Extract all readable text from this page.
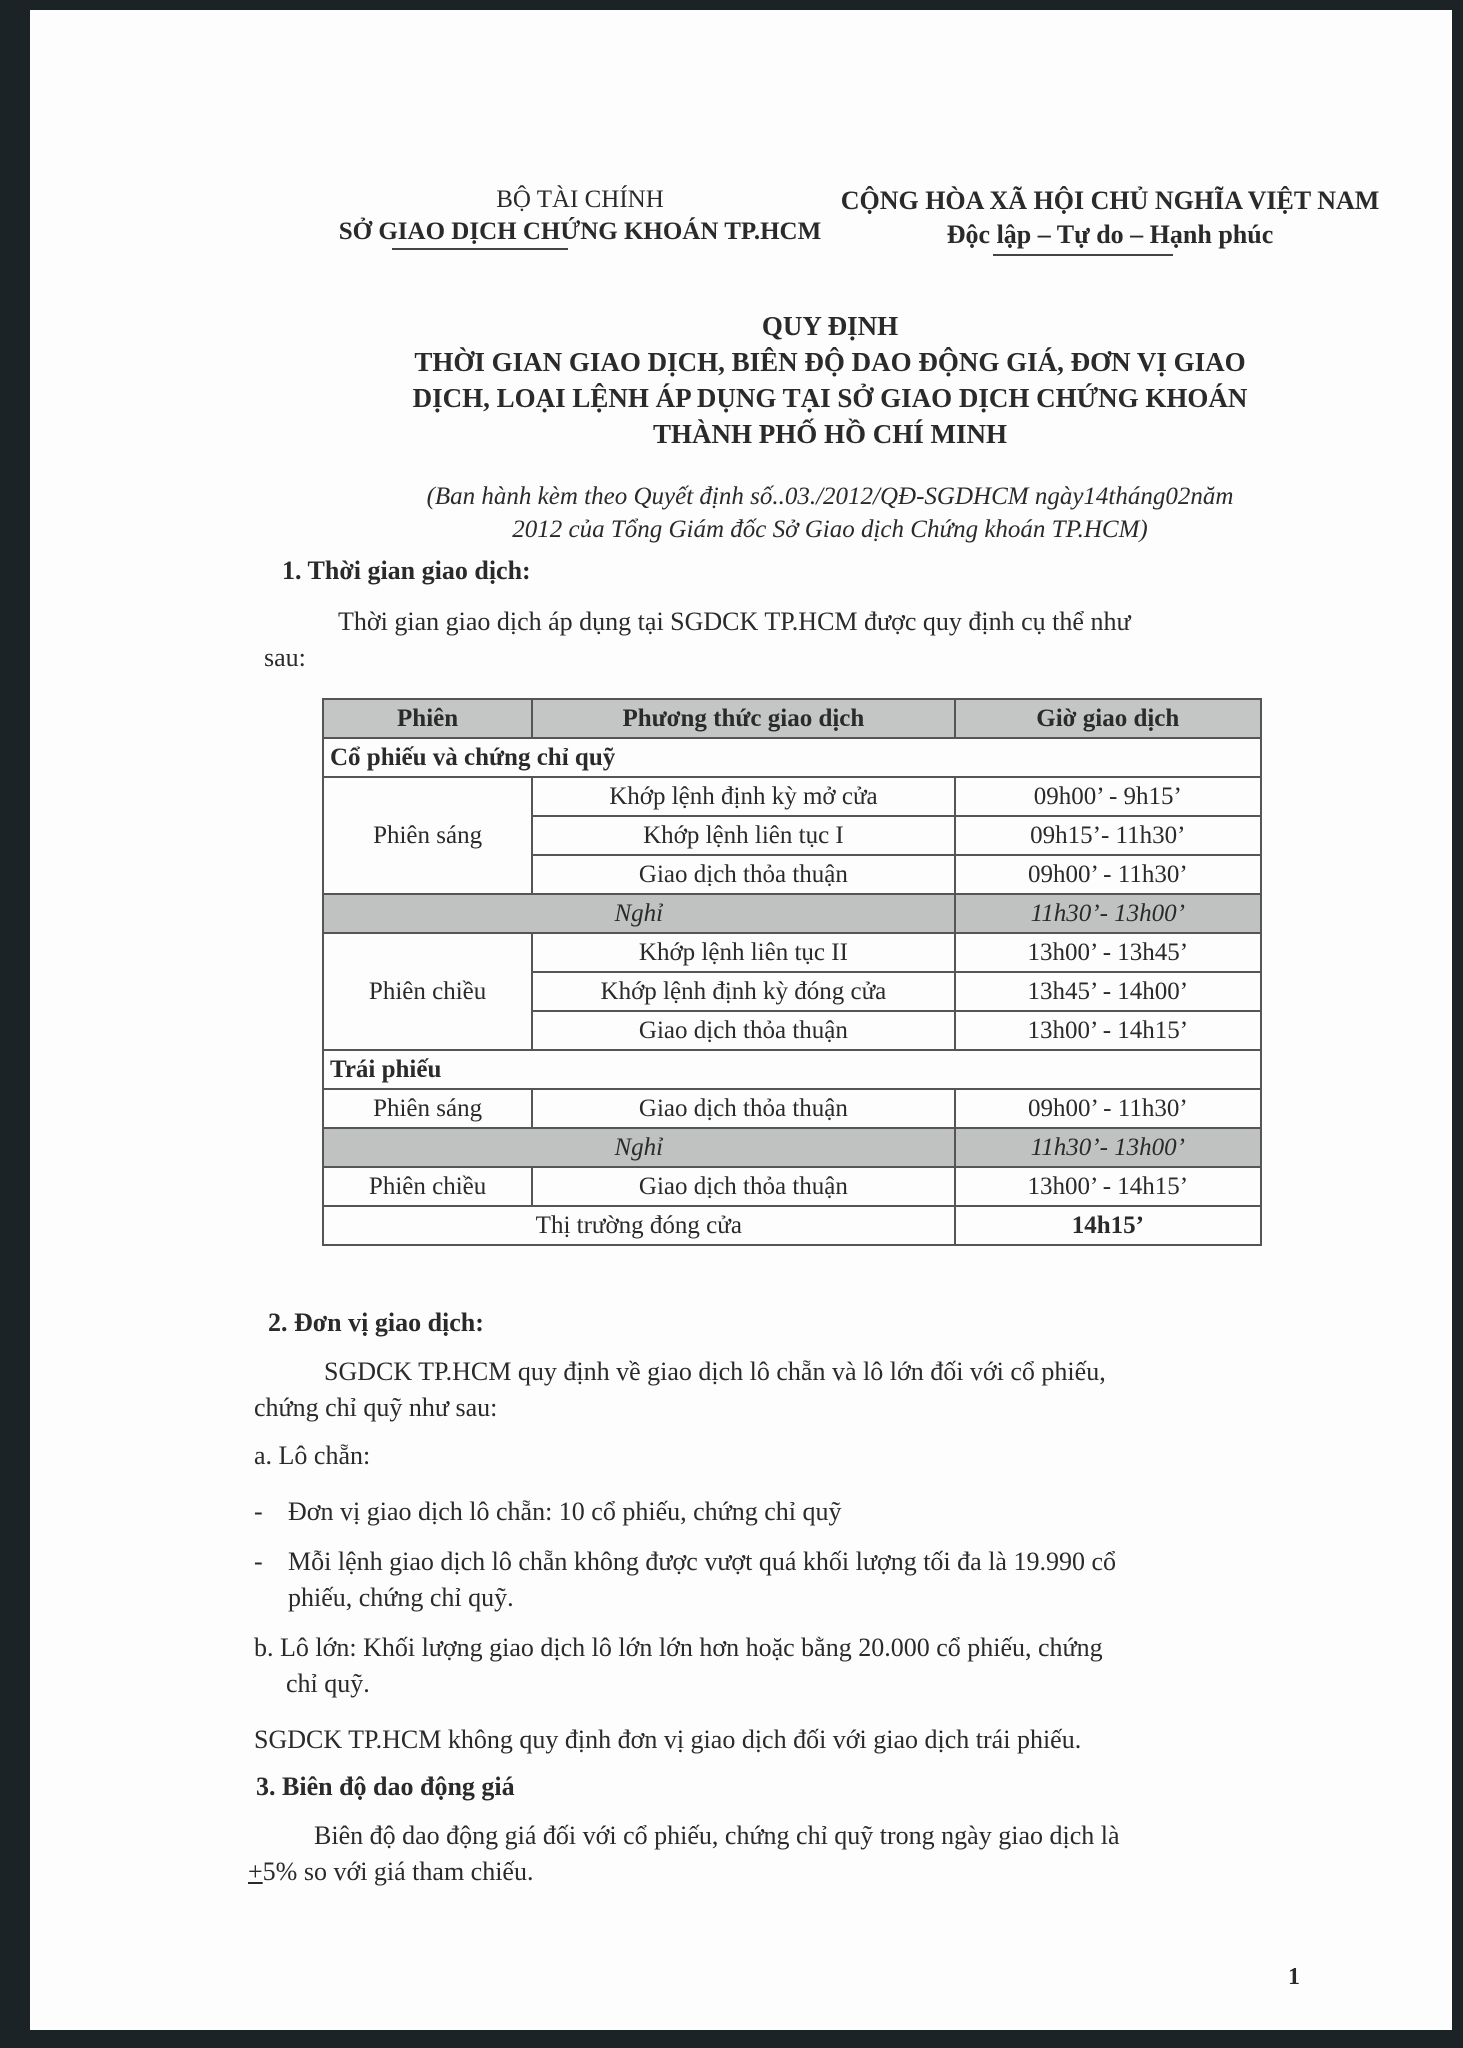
BỘ TÀI CHÍNH
SỞ GIAO DỊCH CHỨNG KHOÁN TP.HCM
CỘNG HÒA XÃ HỘI CHỦ NGHĨA VIỆT NAM
Độc lập – Tự do – Hạnh phúc
QUY ĐỊNH
THỜI GIAN GIAO DỊCH, BIÊN ĐỘ DAO ĐỘNG GIÁ, ĐƠN VỊ GIAO
DỊCH, LOẠI LỆNH ÁP DỤNG TẠI SỞ GIAO DỊCH CHỨNG KHOÁN
THÀNH PHỐ HỒ CHÍ MINH
(Ban hành kèm theo Quyết định số..03./2012/QĐ-SGDHCM ngày14tháng02năm
2012 của Tổng Giám đốc Sở Giao dịch Chứng khoán TP.HCM)
1. Thời gian giao dịch:
Thời gian giao dịch áp dụng tại SGDCK TP.HCM được quy định cụ thể như
sau:
Phiên	Phương thức giao dịch	Giờ giao dịch
Cổ phiếu và chứng chỉ quỹ		
Phiên sáng	Khớp lệnh định kỳ mở cửa	09h00’ - 9h15’
	Khớp lệnh liên tục I	09h15’- 11h30’
	Giao dịch thỏa thuận	09h00’ - 11h30’
Nghỉ		11h30’- 13h00’
Phiên chiều	Khớp lệnh liên tục II	13h00’ - 13h45’
	Khớp lệnh định kỳ đóng cửa	13h45’ - 14h00’
	Giao dịch thỏa thuận	13h00’ - 14h15’
Trái phiếu		
Phiên sáng	Giao dịch thỏa thuận	09h00’ - 11h30’
Nghỉ		11h30’- 13h00’
Phiên chiều	Giao dịch thỏa thuận	13h00’ - 14h15’
Thị trường đóng cửa		14h15’
2. Đơn vị giao dịch:
SGDCK TP.HCM quy định về giao dịch lô chẵn và lô lớn đối với cổ phiếu,
chứng chỉ quỹ như sau:
a. Lô chẵn:
- Đơn vị giao dịch lô chẵn: 10 cổ phiếu, chứng chỉ quỹ
- Mỗi lệnh giao dịch lô chẵn không được vượt quá khối lượng tối đa là 19.990 cổ
phiếu, chứng chỉ quỹ.
b. Lô lớn: Khối lượng giao dịch lô lớn lớn hơn hoặc bằng 20.000 cổ phiếu, chứng
chỉ quỹ.
SGDCK TP.HCM không quy định đơn vị giao dịch đối với giao dịch trái phiếu.
3. Biên độ dao động giá
Biên độ dao động giá đối với cổ phiếu, chứng chỉ quỹ trong ngày giao dịch là
+5% so với giá tham chiếu.
1
